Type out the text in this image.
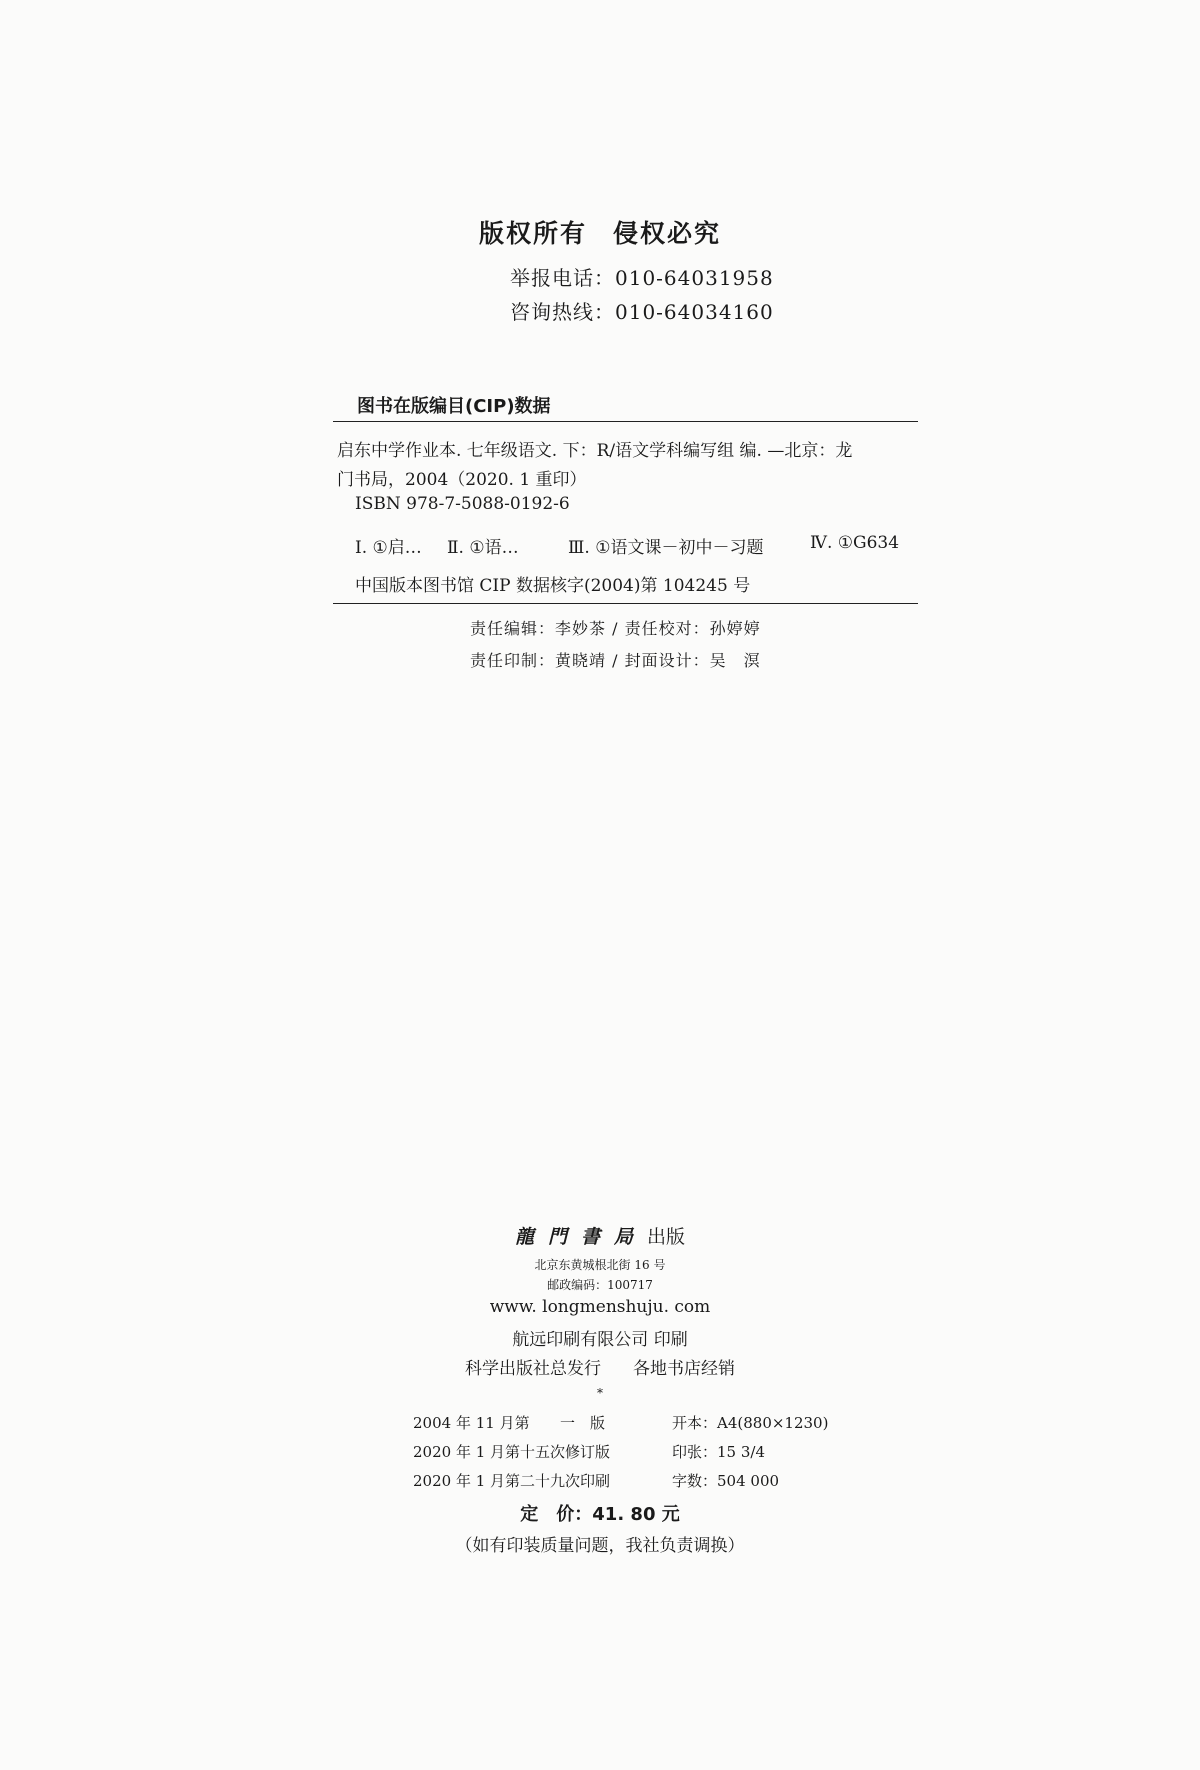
版权所有 侵权必究
举报电话：010-64031958
咨询热线：010-64034160
图书在版编目(CIP)数据
启东中学作业本. 七年级语文. 下：R/语文学科编写组 编. —北京：龙
门书局，2004（2020. 1 重印）
ISBN 978-7-5088-0192-6
Ⅰ. ①启… Ⅱ. ①语…	Ⅲ. ①语文课－初中－习题	Ⅳ. ①G634
中国版本图书馆 CIP 数据核字(2004)第 104245 号
责任编辑：李妙茶 / 责任校对：孙婷婷
责任印制：黄晓靖 / 封面设计：吴　溟
龍門書局出版
北京东黄城根北街 16 号
邮政编码：100717
www. longmenshuju. com
航远印刷有限公司 印刷
科学出版社总发行 各地书店经销
*
2004 年 11 月第 一　版	开本：A4(880×1230)
2020 年 1 月第十五次修订版	印张：15 3/4
2020 年 1 月第二十九次印刷	字数：504 000
定　价：41. 80 元
（如有印装质量问题，我社负责调换）
